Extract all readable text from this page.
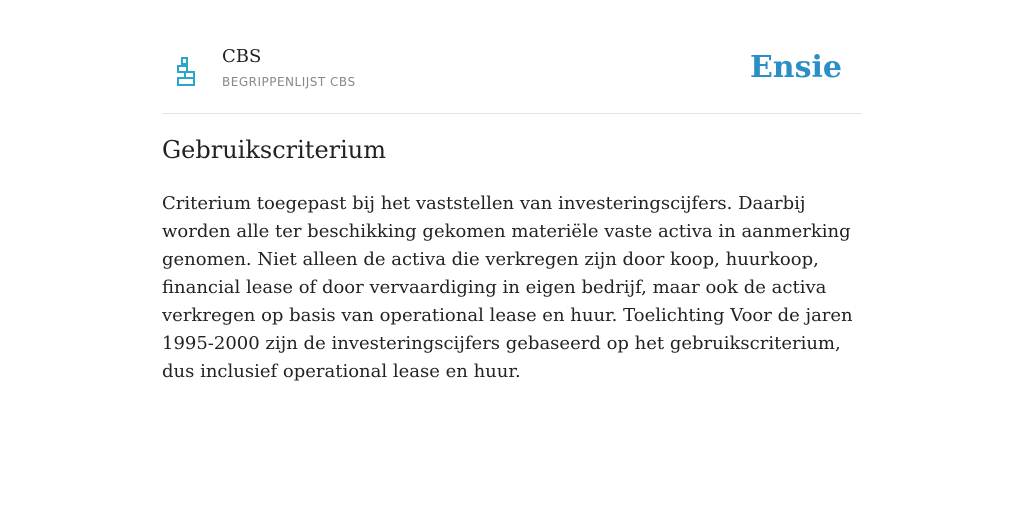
CBS
BEGRIPPENLIJST CBS	Ensie
Gebruikscriterium

Criterium toegepast bij het vaststellen van investeringscijfers. Daarbij worden alle ter beschikking gekomen materiële vaste activa in aanmerking genomen. Niet alleen de activa die verkregen zijn door koop, huurkoop, financial lease of door vervaardiging in eigen bedrijf, maar ook de activa verkregen op basis van operational lease en huur. Toelichting Voor de jaren 1995-2000 zijn de investeringscijfers gebaseerd op het gebruikscriterium, dus inclusief operational lease en huur.
